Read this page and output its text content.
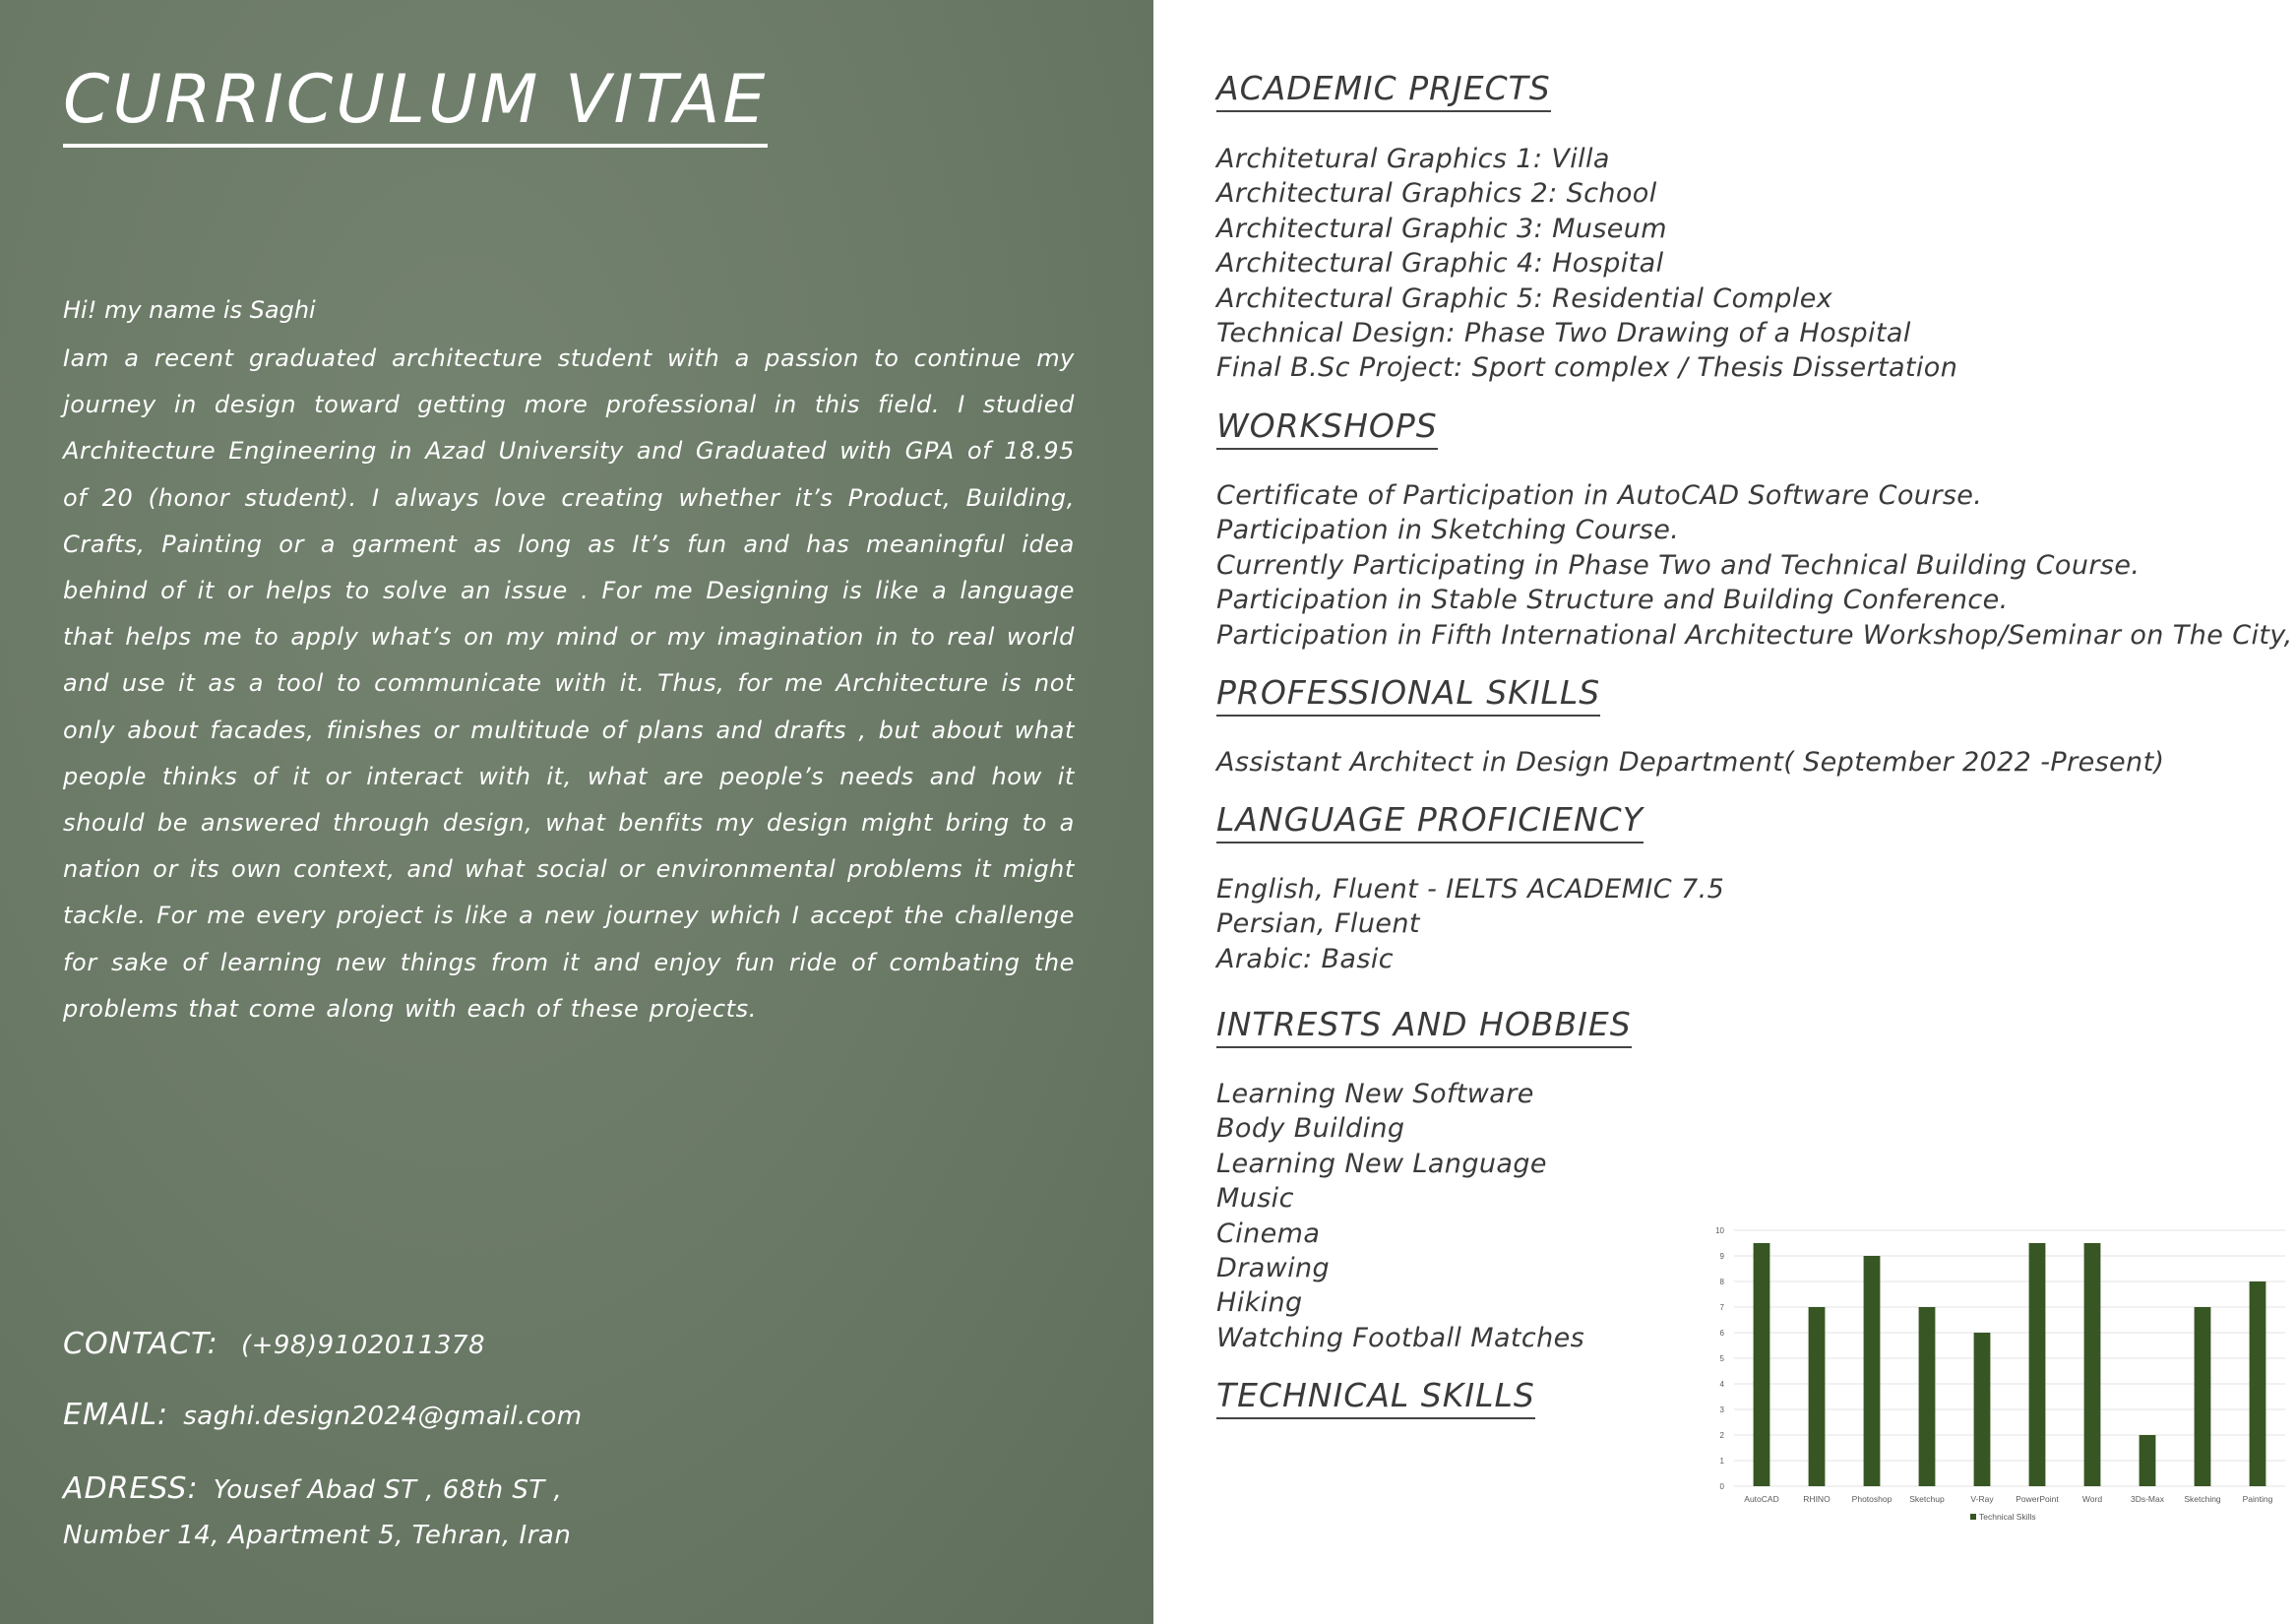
CURRICULUM VITAE

Hi! my name is Saghi

Iam a recent graduated architecture student with a passion to continue my journey in design toward getting more professional in this field. I studied Architecture Engineering in Azad University and Graduated with GPA of 18.95 of 20 (honor student). I always love creating whether it’s Product, Building, Crafts, Painting or a garment as long as It’s fun and has meaningful idea behind of it or helps to solve an issue . For me Designing is like a language that helps me to apply what’s on my mind or my imagination in to real world and use it as a tool to communicate with it. Thus, for me Architecture is not only about facades, finishes or multitude of plans and drafts , but about what people thinks of it or interact with it, what are people’s needs and how it should be answered through design, what benfits my design might bring to a nation or its own context, and what social or environmental problems it might tackle. For me every project is like a new journey which I accept the challenge for sake of learning new things from it and enjoy fun ride of combating the problems that come along with each of these projects.

CONTACT: (+98)9102011378
EMAIL: saghi.design2024@gmail.com
ADRESS: Yousef Abad ST , 68th ST ,
Number 14, Apartment 5, Tehran, Iran
ACADEMIC PRJECTS
Architetural Graphics 1: Villa
Architectural Graphics 2: School
Architectural Graphic 3: Museum
Architectural Graphic 4: Hospital
Architectural Graphic 5: Residential Complex
Technical Design: Phase Two Drawing of a Hospital
Final B.Sc Project: Sport complex / Thesis Dissertation
WORKSHOPS
Certificate of Participation in AutoCAD Software Course.
Participation in Sketching Course.
Currently Participating in Phase Two and Technical Building Course.
Participation in Stable Structure and Building Conference.
Participation in Fifth International Architecture Workshop/Seminar on The City,
PROFESSIONAL SKILLS
Assistant Architect in Design Department( September 2022 -Present)
LANGUAGE PROFICIENCY
English, Fluent - IELTS ACADEMIC 7.5
Persian, Fluent
Arabic: Basic
INTRESTS AND HOBBIES
Learning New Software
Body Building
Learning New Language
Music
Cinema
Drawing
Hiking
Watching Football Matches
TECHNICAL SKILLS
0
1
2
3
4
5
6
7
8
9
10
AutoCAD	RHINO	Photoshop Sketchup	V-Ray	PowerPoint	Word	3Ds-Max Sketching	Painting
Technical Skills
